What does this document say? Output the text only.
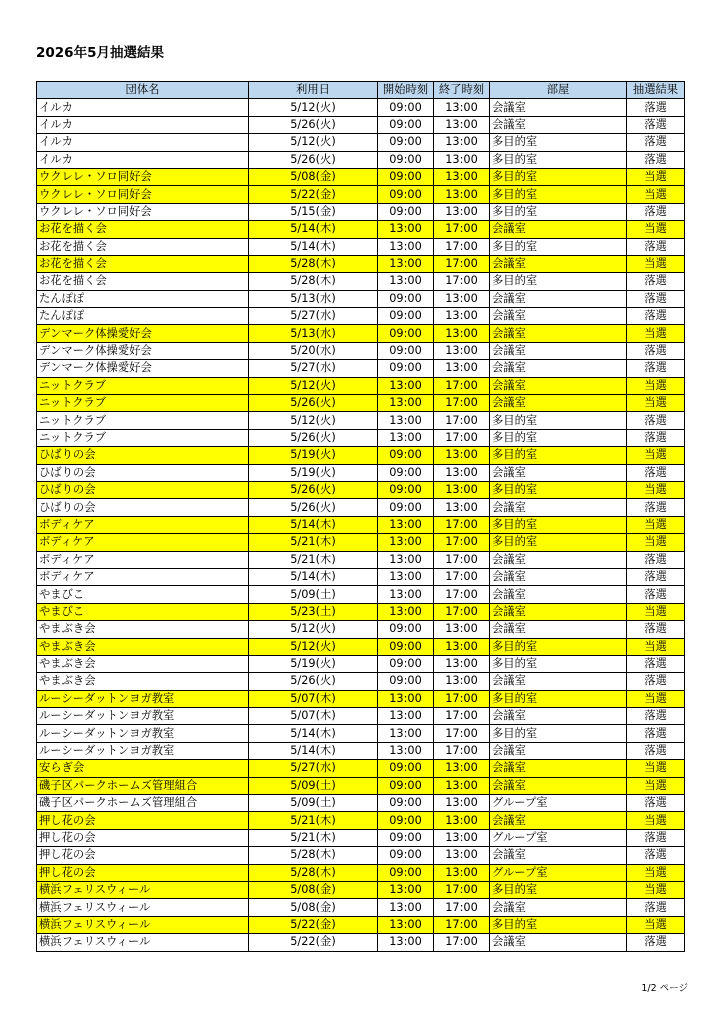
2026年5月抽選結果
団体名	利用日	開始時刻	終了時刻	部屋	抽選結果
イルカ	5/12(火)	09:00	13:00	会議室	落選
イルカ	5/26(火)	09:00	13:00	会議室	落選
イルカ	5/12(火)	09:00	13:00	多目的室	落選
イルカ	5/26(火)	09:00	13:00	多目的室	落選
ウクレレ・ソロ同好会	5/08(金)	09:00	13:00	多目的室	当選
ウクレレ・ソロ同好会	5/22(金)	09:00	13:00	多目的室	当選
ウクレレ・ソロ同好会	5/15(金)	09:00	13:00	多目的室	落選
お花を描く会	5/14(木)	13:00	17:00	会議室	当選
お花を描く会	5/14(木)	13:00	17:00	多目的室	落選
お花を描く会	5/28(木)	13:00	17:00	会議室	当選
お花を描く会	5/28(木)	13:00	17:00	多目的室	落選
たんぽぽ	5/13(水)	09:00	13:00	会議室	落選
たんぽぽ	5/27(水)	09:00	13:00	会議室	落選
デンマーク体操愛好会	5/13(水)	09:00	13:00	会議室	当選
デンマーク体操愛好会	5/20(水)	09:00	13:00	会議室	落選
デンマーク体操愛好会	5/27(水)	09:00	13:00	会議室	落選
ニットクラブ	5/12(火)	13:00	17:00	会議室	当選
ニットクラブ	5/26(火)	13:00	17:00	会議室	当選
ニットクラブ	5/12(火)	13:00	17:00	多目的室	落選
ニットクラブ	5/26(火)	13:00	17:00	多目的室	落選
ひばりの会	5/19(火)	09:00	13:00	多目的室	当選
ひばりの会	5/19(火)	09:00	13:00	会議室	落選
ひばりの会	5/26(火)	09:00	13:00	多目的室	当選
ひばりの会	5/26(火)	09:00	13:00	会議室	落選
ボディケア	5/14(木)	13:00	17:00	多目的室	当選
ボディケア	5/21(木)	13:00	17:00	多目的室	当選
ボディケア	5/21(木)	13:00	17:00	会議室	落選
ボディケア	5/14(木)	13:00	17:00	会議室	落選
やまびこ	5/09(土)	13:00	17:00	会議室	落選
やまびこ	5/23(土)	13:00	17:00	会議室	当選
やまぶき会	5/12(火)	09:00	13:00	会議室	落選
やまぶき会	5/12(火)	09:00	13:00	多目的室	当選
やまぶき会	5/19(火)	09:00	13:00	多目的室	落選
やまぶき会	5/26(火)	09:00	13:00	会議室	落選
ルーシーダットンヨガ教室	5/07(木)	13:00	17:00	多目的室	当選
ルーシーダットンヨガ教室	5/07(木)	13:00	17:00	会議室	落選
ルーシーダットンヨガ教室	5/14(木)	13:00	17:00	多目的室	落選
ルーシーダットンヨガ教室	5/14(木)	13:00	17:00	会議室	落選
安らぎ会	5/27(水)	09:00	13:00	会議室	当選
磯子区パークホームズ管理組合	5/09(土)	09:00	13:00	会議室	当選
磯子区パークホームズ管理組合	5/09(土)	09:00	13:00	グループ室	落選
押し花の会	5/21(木)	09:00	13:00	会議室	当選
押し花の会	5/21(木)	09:00	13:00	グループ室	落選
押し花の会	5/28(木)	09:00	13:00	会議室	落選
押し花の会	5/28(木)	09:00	13:00	グループ室	当選
横浜フェリスウィール	5/08(金)	13:00	17:00	多目的室	当選
横浜フェリスウィール	5/08(金)	13:00	17:00	会議室	落選
横浜フェリスウィール	5/22(金)	13:00	17:00	多目的室	当選
横浜フェリスウィール	5/22(金)	13:00	17:00	会議室	落選
1/2 ページ
